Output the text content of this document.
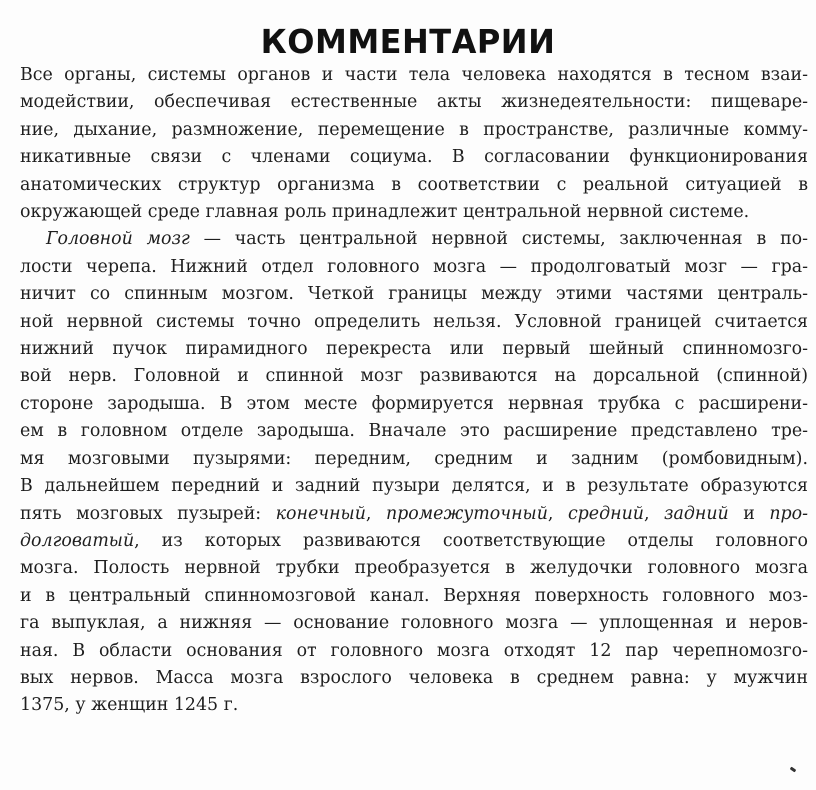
КОММЕНТАРИИ
Все органы, системы органов и части тела человека находятся в тесном взаи-
модействии, обеспечивая естественные акты жизнедеятельности: пищеваре-
ние, дыхание, размножение, перемещение в пространстве, различные комму-
никативные связи с членами социума. В согласовании функционирования
анатомических структур организма в соответствии с реальной ситуацией в
окружающей среде главная роль принадлежит центральной нервной системе.
Головной мозг — часть центральной нервной системы, заключенная в по-
лости черепа. Нижний отдел головного мозга — продолговатый мозг — гра-
ничит со спинным мозгом. Четкой границы между этими частями централь-
ной нервной системы точно определить нельзя. Условной границей считается
нижний пучок пирамидного перекреста или первый шейный спинномозго-
вой нерв. Головной и спинной мозг развиваются на дорсальной (спинной)
стороне зародыша. В этом месте формируется нервная трубка с расширени-
ем в головном отделе зародыша. Вначале это расширение представлено тре-
мя мозговыми пузырями: передним, средним и задним (ромбовидным).
В дальнейшем передний и задний пузыри делятся, и в результате образуются
пять мозговых пузырей: конечный, промежуточный, средний, задний и про-
долговатый, из которых развиваются соответствующие отделы головного
мозга. Полость нервной трубки преобразуется в желудочки головного мозга
и в центральный спинномозговой канал. Верхняя поверхность головного моз-
га выпуклая, а нижняя — основание головного мозга — уплощенная и неров-
ная. В области основания от головного мозга отходят 12 пар черепномозго-
вых нервов. Масса мозга взрослого человека в среднем равна: у мужчин
1375, у женщин 1245 г.
